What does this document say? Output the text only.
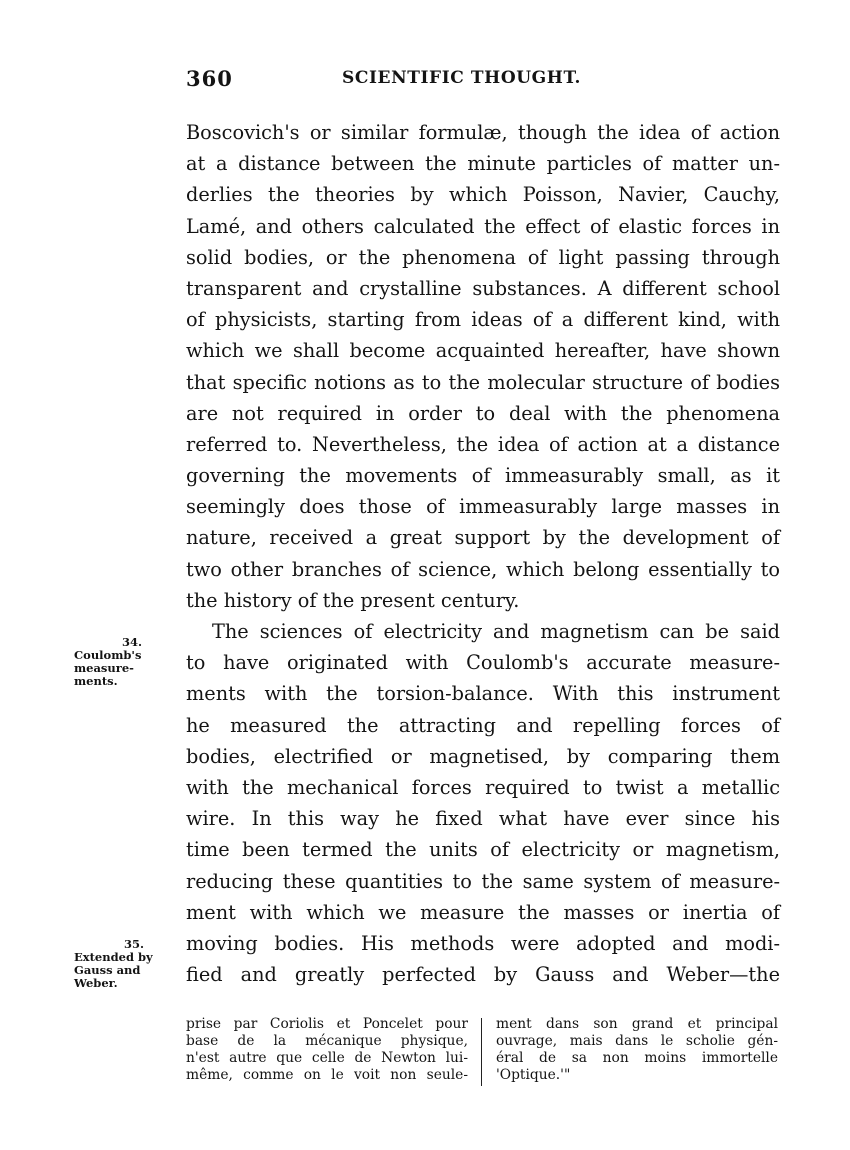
360	SCIENTIFIC THOUGHT.
Boscovich's or similar formulæ, though the idea of action
at a distance between the minute particles of matter un-
derlies the theories by which Poisson, Navier, Cauchy,
Lamé, and others calculated the effect of elastic forces in
solid bodies, or the phenomena of light passing through
transparent and crystalline substances. A different school
of physicists, starting from ideas of a different kind, with
which we shall become acquainted hereafter, have shown
that specific notions as to the molecular structure of bodies
are not required in order to deal with the phenomena
referred to. Nevertheless, the idea of action at a distance
governing the movements of immeasurably small, as it
seemingly does those of immeasurably large masses in
nature, received a great support by the development of
two other branches of science, which belong essentially to
the history of the present century.
The sciences of electricity and magnetism can be said
to have originated with Coulomb's accurate measure-
ments with the torsion-balance. With this instrument
he measured the attracting and repelling forces of
bodies, electrified or magnetised, by comparing them
with the mechanical forces required to twist a metallic
wire. In this way he fixed what have ever since his
time been termed the units of electricity or magnetism,
reducing these quantities to the same system of measure-
ment with which we measure the masses or inertia of
moving bodies. His methods were adopted and modi-
fied and greatly perfected by Gauss and Weber—the
34.
Coulomb's
measure-
ments.
35.
Extended by
Gauss and
Weber.
prise par Coriolis et Poncelet pour
base de la mécanique physique,
n'est autre que celle de Newton lui-
même, comme on le voit non seule-
ment dans son grand et principal
ouvrage, mais dans le scholie gén-
éral de sa non moins immortelle
'Optique.'"
